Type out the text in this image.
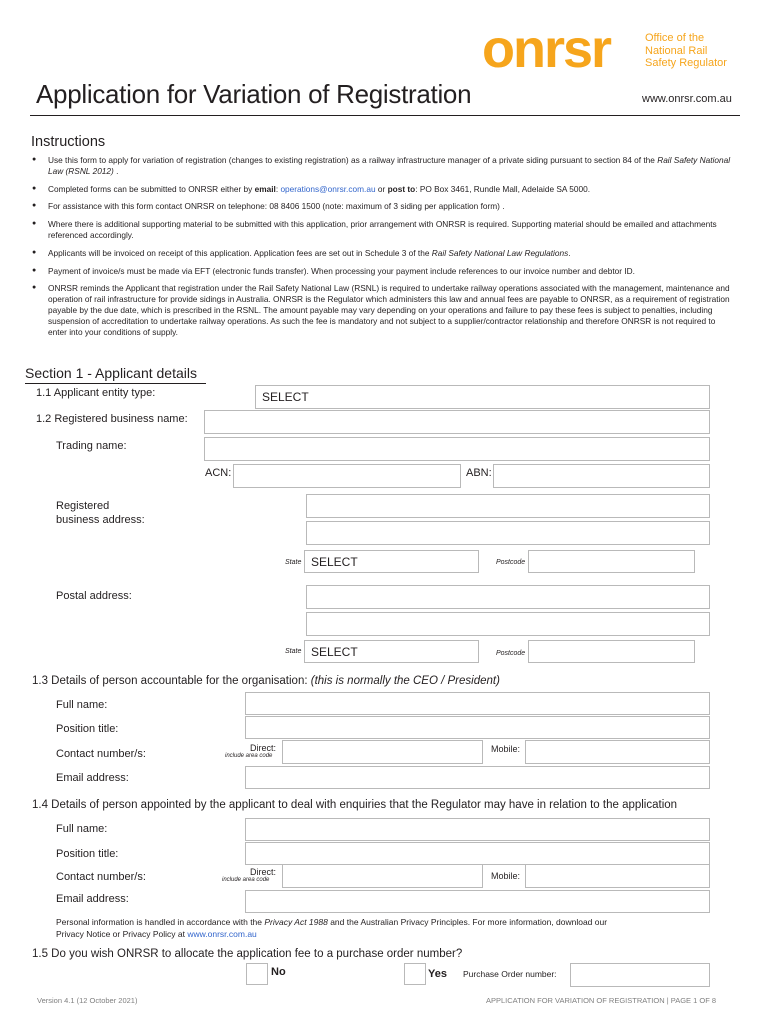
onrsr	Office of the
National Rail
Safety Regulator
Application for Variation of Registration	www.onrsr.com.au
Instructions
● Use this form to apply for variation of registration (changes to existing registration) as a railway infrastructure manager of a private siding pursuant to section 84 of the Rail Safety National Law (RSNL 2012) .
● Completed forms can be submitted to ONRSR either by email: operations@onrsr.com.au or post to: PO Box 3461, Rundle Mall, Adelaide SA 5000.
● For assistance with this form contact ONRSR on telephone: 08 8406 1500 (note: maximum of 3 siding per application form) .
● Where there is additional supporting material to be submitted with this application, prior arrangement with ONRSR is required. Supporting material should be emailed and attachments referenced accordingly.
● Applicants will be invoiced on receipt of this application. Application fees are set out in Schedule 3 of the Rail Safety National Law Regulations.
● Payment of invoice/s must be made via EFT (electronic funds transfer). When processing your payment include references to our invoice number and debtor ID.
● ONRSR reminds the Applicant that registration under the Rail Safety National Law (RSNL) is required to undertake railway operations associated with the management, maintenance and operation of rail infrastructure for provide sidings in Australia. ONRSR is the Regulator which administers this law and annual fees are payable to ONRSR, as a requirement of registration payable by the due date, which is prescribed in the RSNL. The amount payable may vary depending on your operations and failure to pay these fees is subject to penalties, including suspension of accreditation to undertake railway operations. As such the fee is mandatory and not subject to a supplier/contractor relationship and therefore ONRSR is not required to enter into your conditions of supply.
Section 1 - Applicant details
1.1 Applicant entity type:	SELECT
1.2 Registered business name:
Trading name:
ACN:	ABN:
Registered
business address:
State SELECT	Postcode
Postal address:
State SELECT	Postcode
1.3 Details of person accountable for the organisation: (this is normally the CEO / President)
Full name:
Position title:
Contact number/s:	Direct:
include area code
Mobile:
Email address:
1.4 Details of person appointed by the applicant to deal with enquiries that the Regulator may have in relation to the application
Full name:
Position title:
Contact number/s:	Direct:
include area code	Mobile:
Email address:
Personal information is handled in accordance with the Privacy Act 1988 and the Australian Privacy Principles. For more information, download our
Privacy Notice or Privacy Policy at www.onrsr.com.au
1.5 Do you wish ONRSR to allocate the application fee to a purchase order number?
No	Yes Purchase Order number:
Version 4.1 (12 October 2021)	APPLICATION FOR VARIATION OF REGISTRATION | PAGE 1 OF 8
